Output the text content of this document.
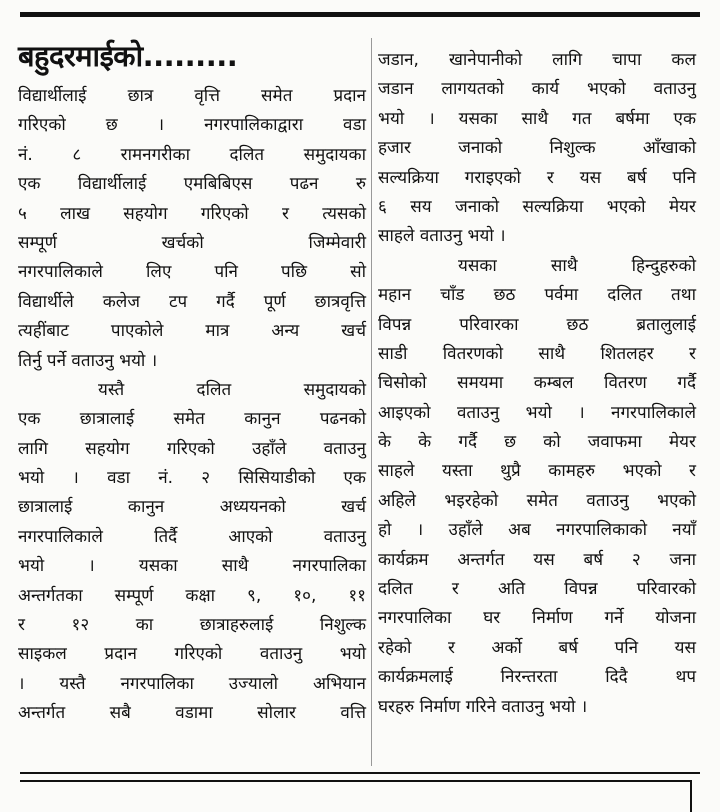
बहुदरमाईको.........
विद्यार्थीलाई छात्र वृत्ति समेत प्रदान
गरिएको छ । नगरपालिकाद्वारा वडा
नं. ८ रामनगरीका दलित समुदायका
एक विद्यार्थीलाई एमबिबिएस पढन रु
५ लाख सहयोग गरिएको र त्यसको
सम्पूर्ण खर्चको जिम्मेवारी
नगरपालिकाले लिए पनि पछि सो
विद्यार्थीले कलेज टप गर्दै पूर्ण छात्रवृत्ति
त्यहींबाट पाएकोले मात्र अन्य खर्च
तिर्नु पर्ने वताउनु भयो ।
यस्तै दलित समुदायको
एक छात्रालाई समेत कानुन पढनको
लागि सहयोग गरिएको उहाँले वताउनु
भयो । वडा नं. २ सिसियाडीको एक
छात्रालाई कानुन अध्ययनको खर्च
नगरपालिकाले तिर्दै आएको वताउनु
भयो । यसका साथै नगरपालिका
अन्तर्गतका सम्पूर्ण कक्षा ९, १०, ११
र १२ का छात्राहरुलाई निशुल्क
साइकल प्रदान गरिएको वताउनु भयो
। यस्तै नगरपालिका उज्यालो अभियान
अन्तर्गत सबै वडामा सोलार वत्ति
जडान, खानेपानीको लागि चापा कल
जडान लागयतको कार्य भएको वताउनु
भयो । यसका साथै गत बर्षमा एक
हजार जनाको निशुल्क आँखाको
सल्यक्रिया गराइएको र यस बर्ष पनि
६ सय जनाको सल्यक्रिया भएको मेयर
साहले वताउनु भयो ।
यसका साथै हिन्दुहरुको
महान चाँड छठ पर्वमा दलित तथा
विपन्न परिवारका छठ ब्रतालुलाई
साडी वितरणको साथै शितलहर र
चिसोको समयमा कम्बल वितरण गर्दै
आइएको वताउनु भयो । नगरपालिकाले
के के गर्दै छ को जवाफमा मेयर
साहले यस्ता थुप्रै कामहरु भएको र
अहिले भइरहेको समेत वताउनु भएको
हो । उहाँले अब नगरपालिकाको नयाँ
कार्यक्रम अन्तर्गत यस बर्ष २ जना
दलित र अति विपन्न परिवारको
नगरपालिका घर निर्माण गर्ने योजना
रहेको र अर्को बर्ष पनि यस
कार्यक्रमलाई निरन्तरता दिदै थप
घरहरु निर्माण गरिने वताउनु भयो ।
